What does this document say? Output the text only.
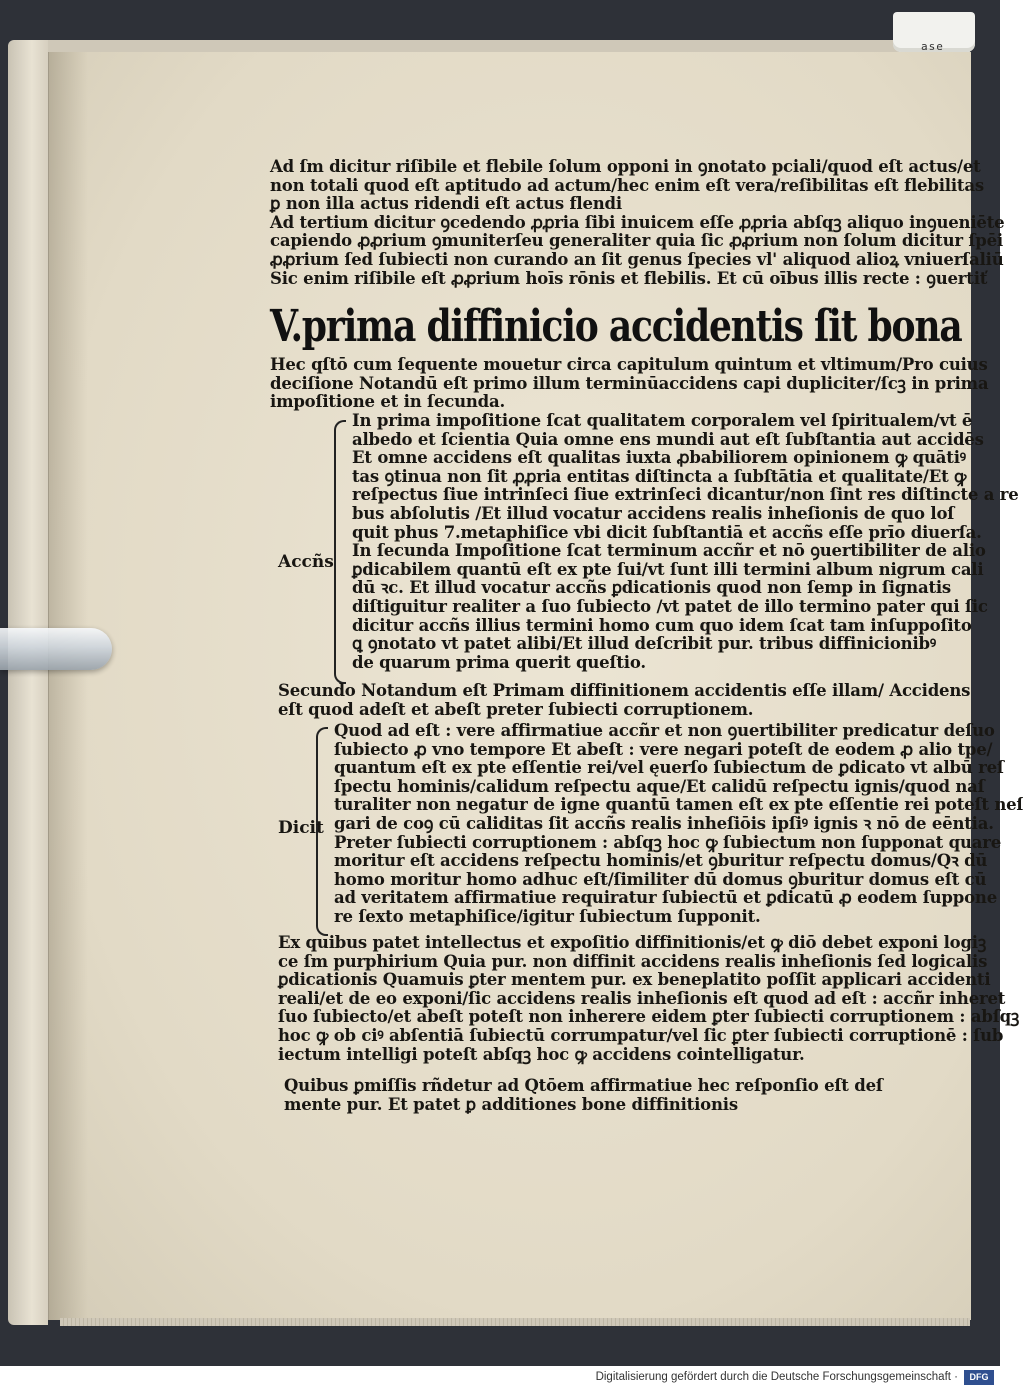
ase
Ad ſm dicitur riſibile et flebile ſolum opponi in ꝯnotato pciali/quod eſt actus/et
non totali quod eſt aptitudo ad actum/hec enim eſt vera/reſibilitas eſt flebilitas
ꝑ non illa actus ridendi eſt actus flendi
Ad tertium dicitur ꝯcedendo ꝓꝓria ſibi inuicem eſſe ꝓꝓria abſqꝫ aliquo inꝯueniēte
capiendo ꝓꝓrium ꝯmuniterſeu generaliter quia ſic ꝓꝓrium non ſolum dicitur ſpēi
ꝓꝓrium ſed ſubiecti non curando an ſit genus ſpecies vl' aliquod alioꝝ vniuerſaliū
Sic enim riſibile eſt ꝓꝓrium hoīs rōnis et flebilis. Et cū oībus illis recte : ꝯuertiť
V.prima diffinicio accidentis ſit bona
Hec qſtō cum ſequente mouetur circa capitulum quintum et vltimum/Pro cuius
deciſione Notandū eſt primo illum terminūaccidens capi dupliciter/ſcꝫ in prima
impoſitione et in ſecunda.
Accñs
In prima impoſitione ſcat qualitatem corporalem vel ſpiritualem/vt ē
albedo et ſcientia Quia omne ens mundi aut eſt ſubſtantia aut accidēs
Et omne accidens eſt qualitas iuxta ꝓbabiliorem opinionem ꝙ quātiꝰ
tas ꝯtinua non ſit ꝓꝓria entitas diſtincta a ſubſtātia et qualitate/Et ꝙ
reſpectus ſiue intrinſeci ſiue extrinſeci dicantur/non ſint res diſtincte a re
bus abſolutis /Et illud vocatur accidens realis inheſionis de quo loſ
quit phus 7.metaphiſice vbi dicit ſubſtantiā et accñs eſſe prīo diuerſa.
In ſecunda Impoſitione ſcat terminum accñr et nō ꝯuertibiliter de alio
ꝑdicabilem quantū eſt ex pte ſui/vt ſunt illi termini album nigrum cali
dū ꝛc. Et illud vocatur accñs ꝑdicationis quod non ſemp in ſignatis
diſtiguitur realiter a ſuo ſubiecto /vt patet de illo termino pater qui ſic
dicitur accñs illius termini homo cum quo idem ſcat tam inſuppoſito
ꝗ ꝯnotato vt patet alibi/Et illud deſcribit pur. tribus diffinicionibꝰ
de quarum prima querit queſtio.
Secundo Notandum eſt Primam diffinitionem accidentis eſſe illam/ Accidens
eſt quod adeſt et abeſt preter ſubiecti corruptionem.
Dicit
Quod ad eſt : vere affirmatiue accñr et non ꝯuertibiliter predicatur deſuo
ſubiecto ꝓ vno tempore Et abeſt : vere negari poteſt de eodem ꝓ alio tpe/
quantum eſt ex pte eſſentie rei/vel ęuerſo ſubiectum de ꝑdicato vt albū reſ
ſpectu hominis/calidum reſpectu aque/Et calidū reſpectu ignis/quod naſ
turaliter non negatur de igne quantū tamen eſt ex pte eſſentie rei poteſt neſ
gari de coꝯ cū caliditas ſit accñs realis inheſiōis ipſiꝰ ignis ꝛ nō de eēntia.
Preter ſubiecti corruptionem : abſqꝫ hoc ꝙ ſubiectum non ſupponat quare
moritur eſt accidens reſpectu hominis/et ꝯburitur reſpectu domus/Qꝛ dū
homo moritur homo adhuc eſt/ſimiliter dū domus ꝯburitur domus eſt cū
ad veritatem affirmatiue requiratur ſubiectū et ꝑdicatū ꝓ eodem ſuppone
re ſexto metaphiſice/igitur ſubiectum ſupponit.
Ex quibus patet intellectus et expoſitio diffinitionis/et ꝙ diō debet exponi logiꝫ
ce ſm purphirium Quia pur. non diffinit accidens realis inheſionis ſed logicalis
ꝑdicationis Quamuis ꝑter mentem pur. ex beneplatito poſſit applicari accidenti
reali/et de eo exponi/ſic accidens realis inheſionis eſt quod ad eſt : accñr inheret
ſuo ſubiecto/et abeſt poteſt non inherere eidem ꝑter ſubiecti corruptionem : abſqꝫ
hoc ꝙ ob ciꝰ abſentiā ſubiectū corrumpatur/vel ſic ꝑter ſubiecti corruptionē : ſub
iectum intelligi poteſt abſqꝫ hoc ꝙ accidens cointelligatur.
Quibus ꝑmiſſis rñdetur ad Qtōem affirmatiue hec reſponſio eſt deſ
mente pur. Et patet ꝑ additiones bone diffinitionis
Digitalisierung gefördert durch die Deutsche Forschungsgemeinschaft ·	DFG
